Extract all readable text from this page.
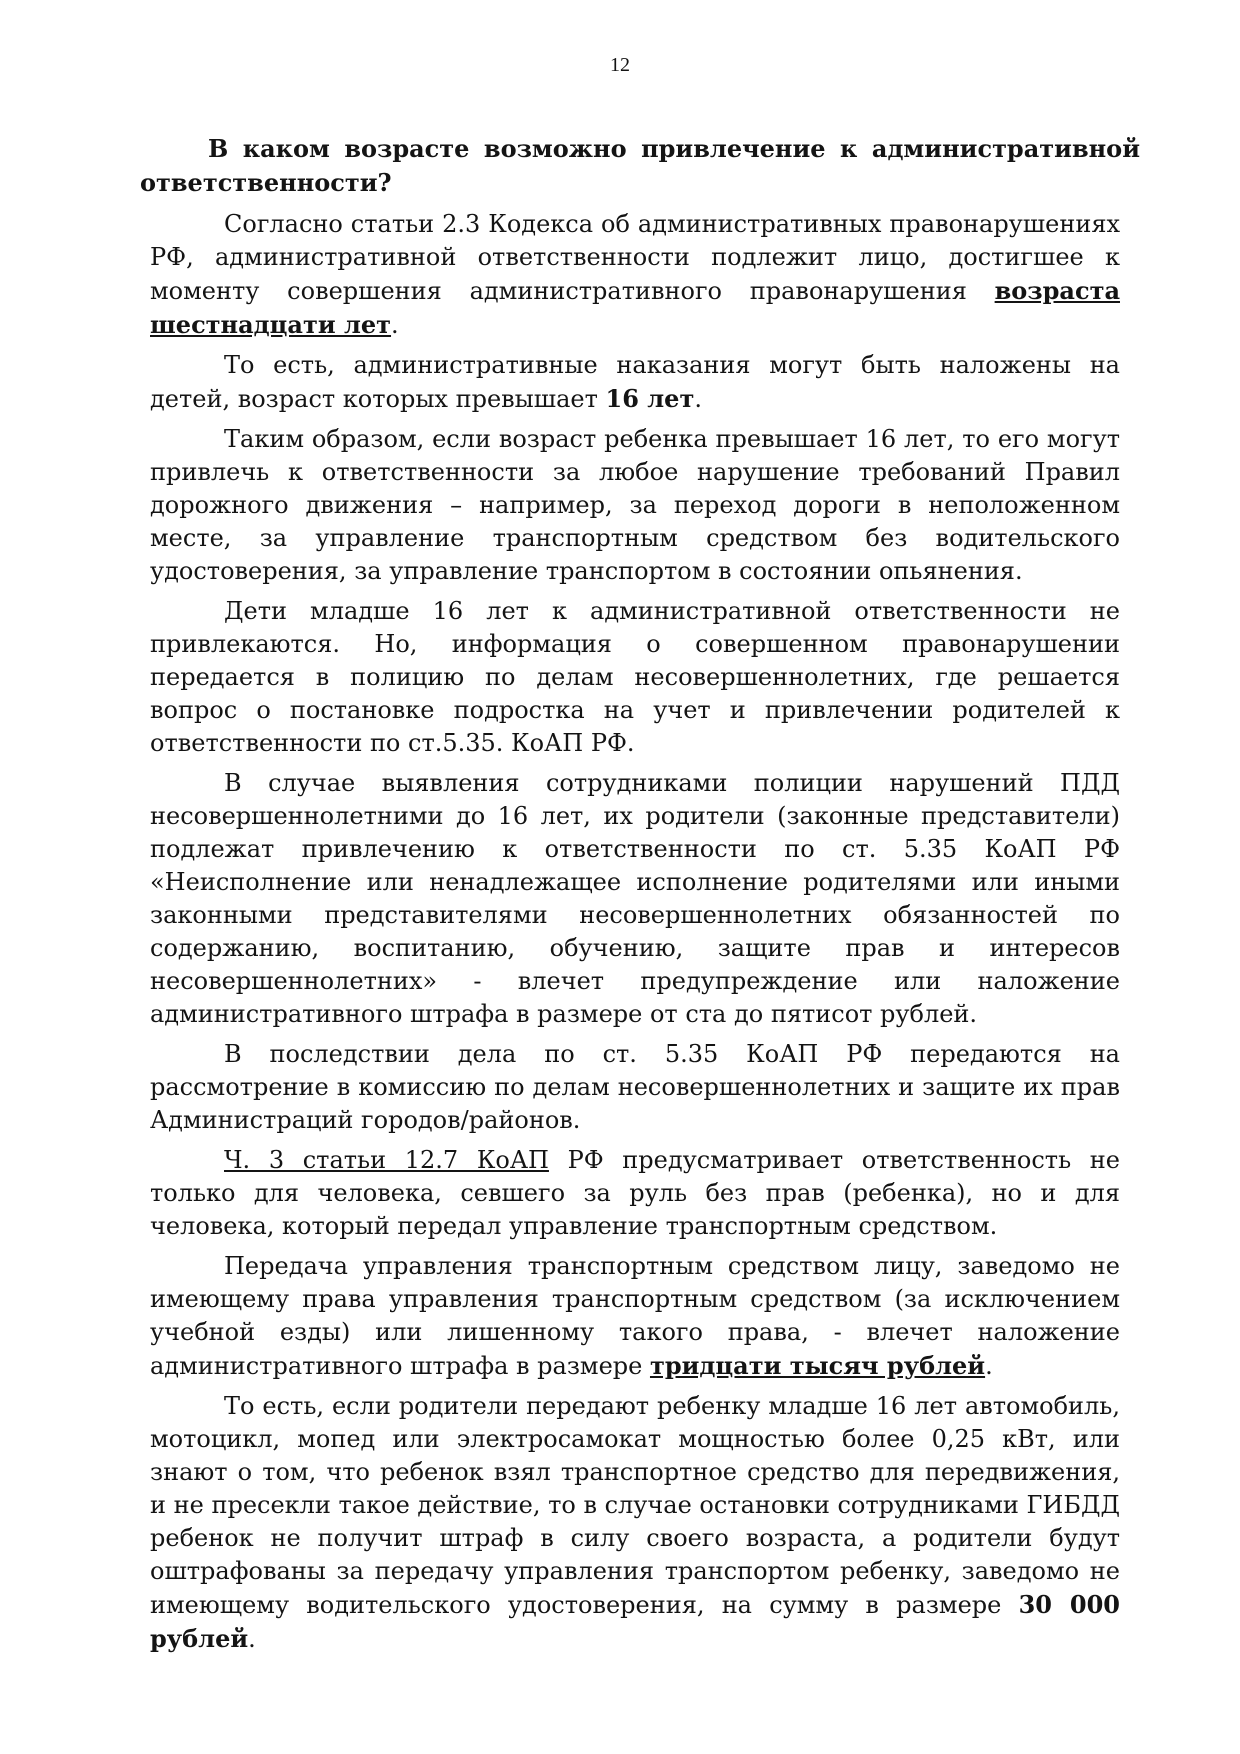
12

В каком возрасте возможно привлечение к административной ответственности?

Согласно статьи 2.3 Кодекса об административных правонарушениях РФ, административной ответственности подлежит лицо, достигшее к моменту совершения административного правонарушения возраста шестнадцати лет.

То есть, административные наказания могут быть наложены на детей, возраст которых превышает 16 лет.

Таким образом, если возраст ребенка превышает 16 лет, то его могут привлечь к ответственности за любое нарушение требований Правил дорожного движения – например, за переход дороги в неположенном месте, за управление транспортным средством без водительского удостоверения, за управление транспортом в состоянии опьянения.

Дети младше 16 лет к административной ответственности не привлекаются. Но, информация о совершенном правонарушении передается в полицию по делам несовершеннолетних, где решается вопрос о постановке подростка на учет и привлечении родителей к ответственности по ст.5.35. КоАП РФ.

В случае выявления сотрудниками полиции нарушений ПДД несовершеннолетними до 16 лет, их родители (законные представители) подлежат привлечению к ответственности по ст. 5.35 КоАП РФ «Неисполнение или ненадлежащее исполнение родителями или иными законными представителями несовершеннолетних обязанностей по содержанию, воспитанию, обучению, защите прав и интересов несовершеннолетних» - влечет предупреждение или наложение административного штрафа в размере от ста до пятисот рублей.

В последствии дела по ст. 5.35 КоАП РФ передаются на рассмотрение в комиссию по делам несовершеннолетних и защите их прав Администраций городов/районов.

Ч. 3 статьи 12.7 КоАП РФ предусматривает ответственность не только для человека, севшего за руль без прав (ребенка), но и для человека, который передал управление транспортным средством.

Передача управления транспортным средством лицу, заведомо не имеющему права управления транспортным средством (за исключением учебной езды) или лишенному такого права, - влечет наложение административного штрафа в размере тридцати тысяч рублей.

То есть, если родители передают ребенку младше 16 лет автомобиль, мотоцикл, мопед или электросамокат мощностью более 0,25 кВт, или знают о том, что ребенок взял транспортное средство для передвижения, и не пресекли такое действие, то в случае остановки сотрудниками ГИБДД ребенок не получит штраф в силу своего возраста, а родители будут оштрафованы за передачу управления транспортом ребенку, заведомо не имеющему водительского удостоверения, на сумму в размере 30 000 рублей.
